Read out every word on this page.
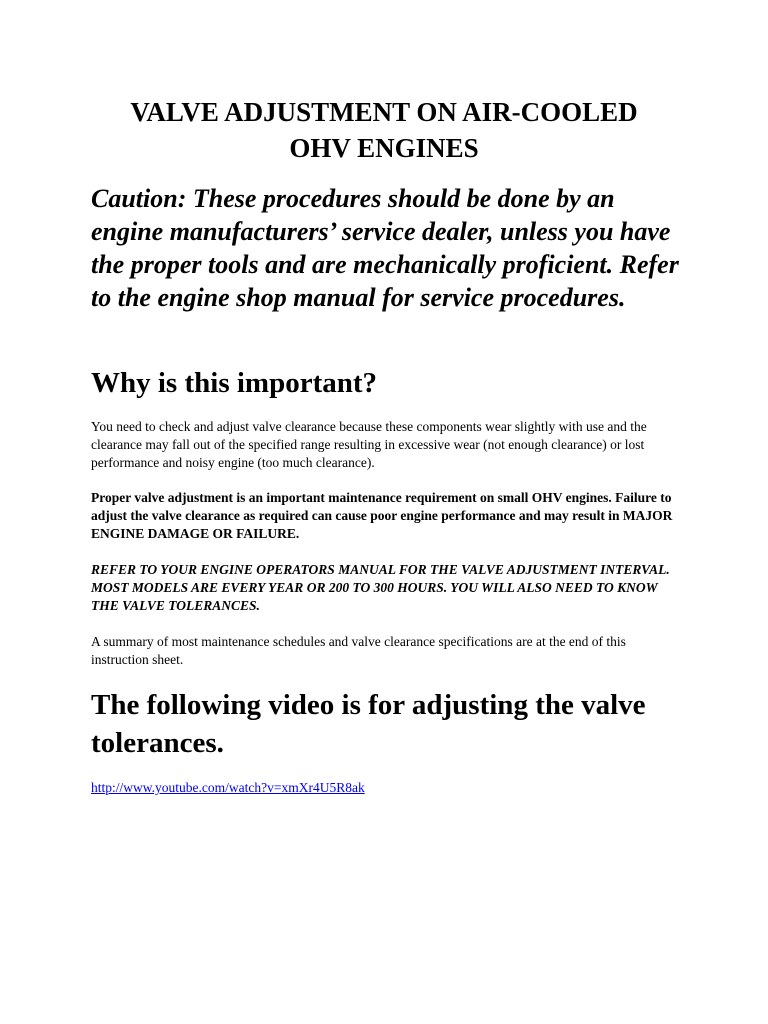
VALVE ADJUSTMENT ON AIR-COOLED
OHV ENGINES

Caution: These procedures should be done by an engine manufacturers’ service dealer, unless you have the proper tools and are mechanically proficient. Refer to the engine shop manual for service procedures.

Why is this important?

You need to check and adjust valve clearance because these components wear slightly with use and the clearance may fall out of the specified range resulting in excessive wear (not enough clearance) or lost performance and noisy engine (too much clearance).

Proper valve adjustment is an important maintenance requirement on small OHV engines. Failure to adjust the valve clearance as required can cause poor engine performance and may result in MAJOR ENGINE DAMAGE OR FAILURE.

REFER TO YOUR ENGINE OPERATORS MANUAL FOR THE VALVE ADJUSTMENT INTERVAL. MOST MODELS ARE EVERY YEAR OR 200 TO 300 HOURS. YOU WILL ALSO NEED TO KNOW THE VALVE TOLERANCES.

A summary of most maintenance schedules and valve clearance specifications are at the end of this instruction sheet.

The following video is for adjusting the valve tolerances.
http://www.youtube.com/watch?v=xmXr4U5R8ak
